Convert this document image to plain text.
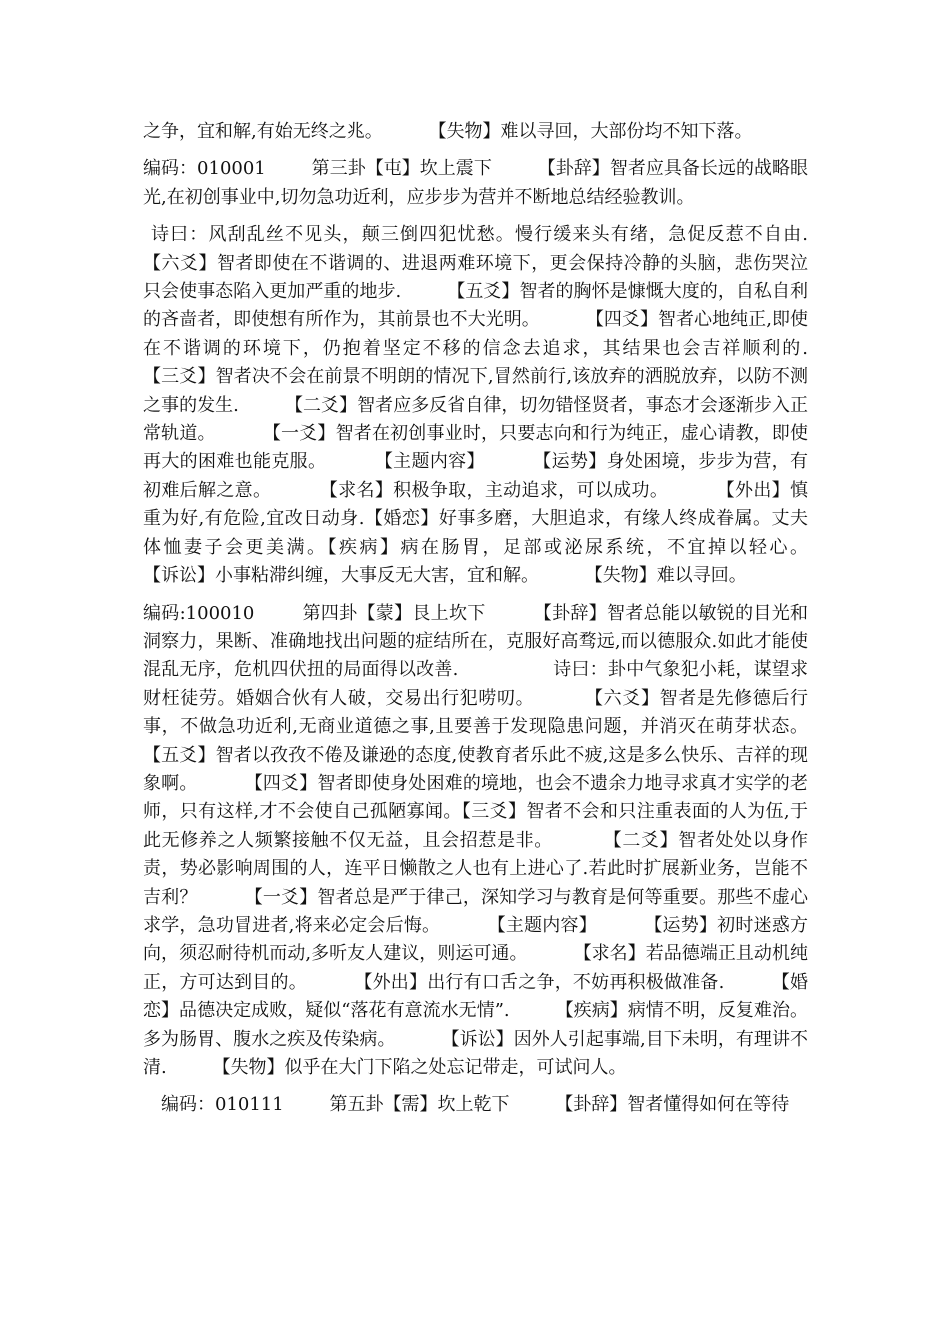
之争，宜和解,有始无终之兆。        【失物】难以寻回，大部份均不知下落。

编码：010001        第三卦【屯】坎上震下        【卦辞】智者应具备长远的战略眼光,在初创事业中,切勿急功近利，应步步为营并不断地总结经验教训。

诗曰：风刮乱丝不见头，颠三倒四犯忧愁。慢行缓来头有绪，急促反惹不自由.        【六爻】智者即使在不谐调的、进退两难环境下，更会保持冷静的头脑，悲伤哭泣只会使事态陷入更加严重的地步.        【五爻】智者的胸怀是慷慨大度的，自私自利的吝啬者，即使想有所作为，其前景也不大光明。        【四爻】智者心地纯正,即使在不谐调的环境下，仍抱着坚定不移的信念去追求，其结果也会吉祥顺利的.        【三爻】智者决不会在前景不明朗的情况下,冒然前行,该放弃的洒脱放弃，以防不测之事的发生.        【二爻】智者应多反省自律，切勿错怪贤者，事态才会逐渐步入正常轨道。        【一爻】智者在初创事业时，只要志向和行为纯正，虚心请教，即使再大的困难也能克服。        【主题内容】        【运势】身处困境，步步为营，有初难后解之意。        【求名】积极争取，主动追求，可以成功。        【外出】慎重为好,有危险,宜改日动身.【婚恋】好事多磨，大胆追求，有缘人终成眷属。丈夫体恤妻子会更美满。【疾病】病在肠胃，足部或泌尿系统，不宜掉以轻心。        【诉讼】小事粘滞纠缠，大事反无大害，宜和解。        【失物】难以寻回。

编码:100010        第四卦【蒙】艮上坎下        【卦辞】智者总能以敏锐的目光和洞察力，果断、准确地找出问题的症结所在，克服好高骛远,而以德服众.如此才能使混乱无序，危机四伏扭的局面得以改善.                诗曰：卦中气象犯小耗，谋望求财枉徒劳。婚姻合伙有人破，交易出行犯唠叨。        【六爻】智者是先修德后行事，不做急功近利,无商业道德之事,且要善于发现隐患问题，并消灭在萌芽状态。        【五爻】智者以孜孜不倦及谦逊的态度,使教育者乐此不疲,这是多么快乐、吉祥的现象啊。        【四爻】智者即使身处困难的境地，也会不遗余力地寻求真才实学的老师，只有这样,才不会使自己孤陋寡闻。【三爻】智者不会和只注重表面的人为伍,于此无修养之人频繁接触不仅无益，且会招惹是非。        【二爻】智者处处以身作责，势必影响周围的人，连平日懒散之人也有上进心了.若此时扩展新业务，岂能不吉利？        【一爻】智者总是严于律己，深知学习与教育是何等重要。那些不虚心求学，急功冒进者,将来必定会后悔。        【主题内容】        【运势】初时迷惑方向，须忍耐待机而动,多听友人建议，则运可通。        【求名】若品德端正且动机纯正，方可达到目的。        【外出】出行有口舌之争，不妨再积极做准备.        【婚恋】品德决定成败，疑似“落花有意流水无情”.        【疾病】病情不明，反复难治。多为肠胃、腹水之疾及传染病。        【诉讼】因外人引起事端,目下未明，有理讲不清.        【失物】似乎在大门下陷之处忘记带走，可试问人。

编码：010111        第五卦【需】坎上乾下        【卦辞】智者懂得如何在等待
